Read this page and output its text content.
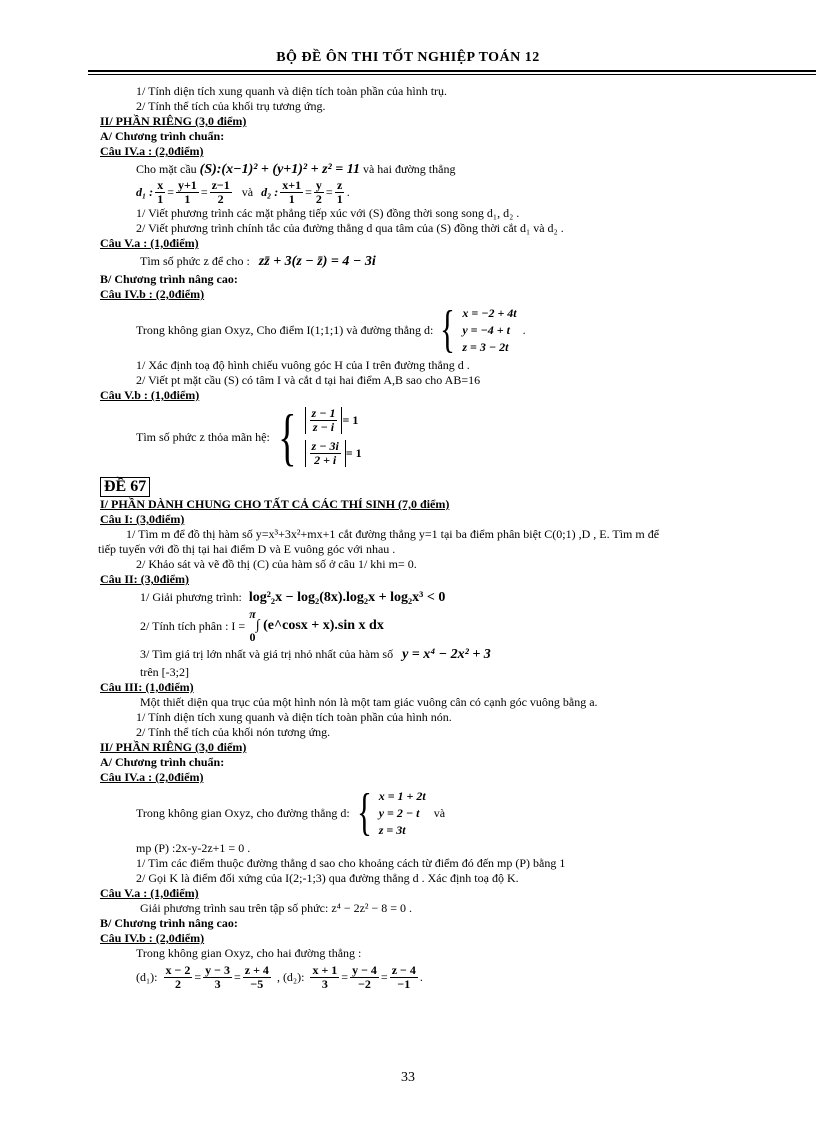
BỘ ĐỀ ÔN THI TỐT NGHIỆP TOÁN 12
1/ Tính diện tích xung quanh và diện tích toàn phần của hình trụ.
2/ Tính thể tích của khối trụ tương ứng.
II/ PHẦN RIÊNG (3,0 điểm)
A/ Chương trình chuẩn:
Câu IV.a : (2,0điểm)
Cho mặt cầu (S):(x−1)² + (y+1)² + z² = 11 và hai đường thẳng
d₁ : $\frac{x}{1} = \frac{y+1}{1} = \frac{z-1}{2}$ và d₂ : $\frac{x+1}{1} = \frac{y}{2} = \frac{z}{1}$ .
1/ Viết phương trình các mặt phẳng tiếp xúc với (S) đồng thời song song d₁, d₂ .
2/ Viết phương trình chính tắc của đường thẳng d qua tâm của (S) đồng thời cắt d₁ và d₂ .
Câu V.a : (1,0điểm)
Tìm số phức z để cho : zz̄ + 3(z − z̄) = 4 − 3i
B/ Chương trình nâng cao:
Câu IV.b : (2,0điểm)
Trong không gian Oxyz, Cho điểm I(1;1;1) và đường thẳng d: { x = −2 + 4t
y = −4 + t
z = 3 − 2t
.
1/ Xác định toạ độ hình chiếu vuông góc H của I trên đường thẳng d .
2/ Viết pt mặt cầu (S) có tâm I và cắt d tại hai điểm A,B sao cho AB=16
Câu V.b : (1,0điểm)
Tìm số phức z thỏa mãn hệ: { $\frac{z - 1}{z - i} = 1$
$\frac{z - 3i}{2 + i} = 1$
ĐỀ 67
I/ PHẦN DÀNH CHUNG CHO TẤT CẢ CÁC THÍ SINH (7,0 điểm)
Câu I: (3,0điểm)
1/ Tìm m để đồ thị hàm số y=x³+3x²+mx+1 cắt đường thẳng y=1 tại ba điểm phân biệt C(0;1) ,D , E. Tìm m để
tiếp tuyến với đồ thị tại hai điểm D và E vuông góc với nhau .
2/ Khảo sát và vẽ đồ thị (C) của hàm số ở câu 1/ khi m= 0.
Câu II: (3,0điểm)
1/ Giải phương trình: log²₂x − log₂(8x).log₂x + log₂x³ < 0
2/ Tính tích phân : I =
π
0
∫ (e^cosx + x).sin x dx
3/ Tìm giá trị lớn nhất và giá trị nhỏ nhất của hàm số y = x⁴ − 2x² + 3
trên [-3;2]
Câu III: (1,0điểm)
Một thiết diện qua trục của một hình nón là một tam giác vuông cân có cạnh góc vuông bằng a.
1/ Tính diện tích xung quanh và diện tích toàn phần của hình nón.
2/ Tính thể tích của khối nón tương ứng.
II/ PHẦN RIÊNG (3,0 điểm)
A/ Chương trình chuẩn:
Câu IV.a : (2,0điểm)
Trong không gian Oxyz, cho đường thẳng d: { x = 1 + 2t
y = 2 − t
z = 3t
và
mp (P) :2x-y-2z+1 = 0 .
1/ Tìm các điểm thuộc đường thẳng d sao cho khoảng cách từ điểm đó đến mp (P) bằng 1
2/ Gọi K là điểm đối xứng của I(2;-1;3) qua đường thẳng d . Xác định toạ độ K.
Câu V.a : (1,0điểm)
Giải phương trình sau trên tập số phức: z⁴ − 2z² − 8 = 0 .
B/ Chương trình nâng cao:
Câu IV.b : (2,0điểm)
Trong không gian Oxyz, cho hai đường thẳng :
(d₁): $\frac{x - 2}{2} = \frac{y - 3}{3} = \frac{z + 4}{-5}$ , (d₂): $\frac{x + 1}{3} = \frac{y - 4}{-2} = \frac{z - 4}{-1}$ .
33
